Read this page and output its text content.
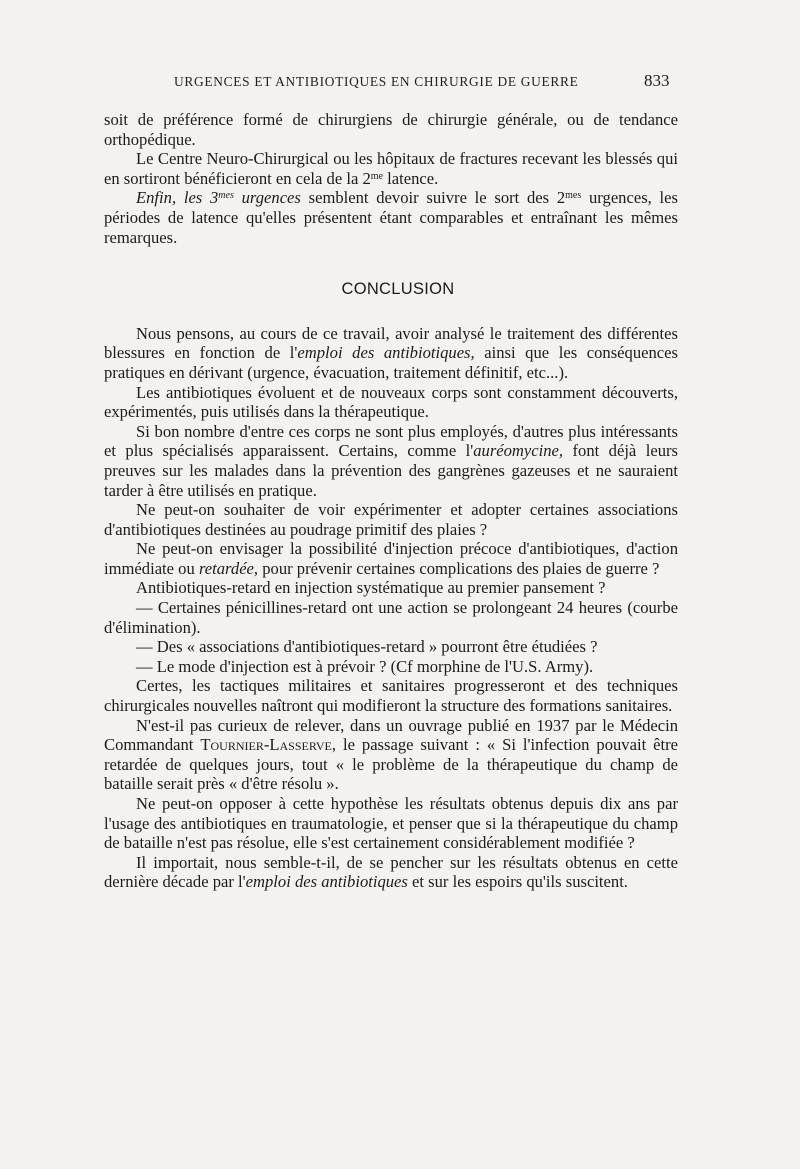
URGENCES ET ANTIBIOTIQUES EN CHIRURGIE DE GUERRE	833

soit de préférence formé de chirurgiens de chirurgie générale, ou de tendance orthopédique.

Le Centre Neuro-Chirurgical ou les hôpitaux de fractures recevant les blessés qui en sortiront bénéficieront en cela de la $2^{me}$ latence.

Enfin, les $3^{mes}$ urgences semblent devoir suivre le sort des $2^{mes}$ urgences, les périodes de latence qu'elles présentent étant comparables et entraînant les mêmes remarques.

CONCLUSION

Nous pensons, au cours de ce travail, avoir analysé le traitement des différentes blessures en fonction de l'emploi des antibiotiques, ainsi que les conséquences pratiques en dérivant (urgence, évacuation, traitement définitif, etc...).

Les antibiotiques évoluent et de nouveaux corps sont constamment découverts, expérimentés, puis utilisés dans la thérapeutique.

Si bon nombre d'entre ces corps ne sont plus employés, d'autres plus intéressants et plus spécialisés apparaissent. Certains, comme l'auréomycine, font déjà leurs preuves sur les malades dans la prévention des gangrènes gazeuses et ne sauraient tarder à être utilisés en pratique.

Ne peut-on souhaiter de voir expérimenter et adopter certaines associations d'antibiotiques destinées au poudrage primitif des plaies ?

Ne peut-on envisager la possibilité d'injection précoce d'antibiotiques, d'action immédiate ou retardée, pour prévenir certaines complications des plaies de guerre ?

Antibiotiques-retard en injection systématique au premier pansement ?

— Certaines pénicillines-retard ont une action se prolongeant 24 heures (courbe d'élimination).

— Des « associations d'antibiotiques-retard » pourront être étudiées ?

— Le mode d'injection est à prévoir ? (Cf morphine de l'U.S. Army).

Certes, les tactiques militaires et sanitaires progresseront et des techniques chirurgicales nouvelles naîtront qui modifieront la structure des formations sanitaires.

N'est-il pas curieux de relever, dans un ouvrage publié en 1937 par le Médecin Commandant Tournier-Lasserve, le passage suivant : « Si l'infection pouvait être retardée de quelques jours, tout « le problème de la thérapeutique du champ de bataille serait près « d'être résolu ».

Ne peut-on opposer à cette hypothèse les résultats obtenus depuis dix ans par l'usage des antibiotiques en traumatologie, et penser que si la thérapeutique du champ de bataille n'est pas résolue, elle s'est certainement considérablement modifiée ?

Il importait, nous semble-t-il, de se pencher sur les résultats obtenus en cette dernière décade par l'emploi des antibiotiques et sur les espoirs qu'ils suscitent.
